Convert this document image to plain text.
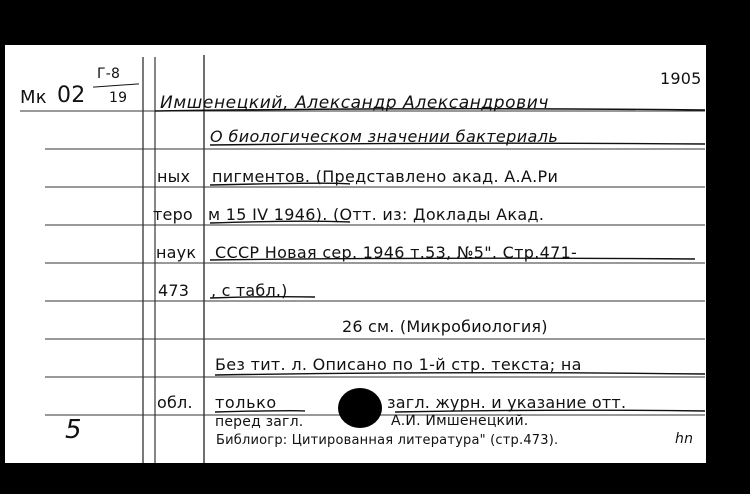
Мк 02
Г-8
19
1905
Имшенецкий, Александр Александрович
О биологическом значении бактериаль
ных пигментов. (Представлено акад. А.А.Ри
теро м 15 IV 1946). (Отт. из: Доклады Акад.
наук СССР Новая сер. 1946 т.53, №5". Стр.471-
473 , с табл.)
26 см. (Микробиология)
Без тит. л. Описано по 1-й стр. текста; на
обл. только	загл. журн. и указание отт.
перед загл.	А.И. Имшенецкий.
Библиогр: Цитированная литература" (стр.473).	hn
5
